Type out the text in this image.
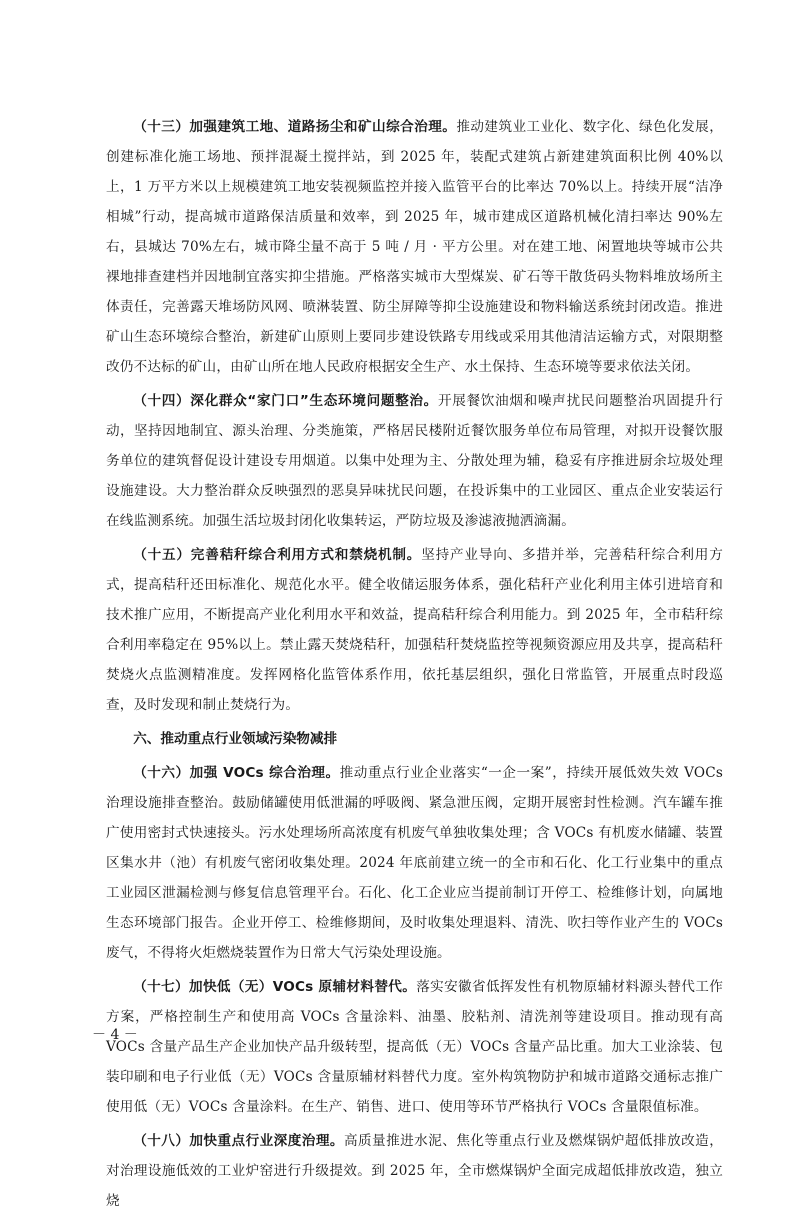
（十三）加强建筑工地、道路扬尘和矿山综合治理。推动建筑业工业化、数字化、绿色化发展，创建标准化施工场地、预拌混凝土搅拌站，到 2025 年，装配式建筑占新建建筑面积比例 40%以上，1 万平方米以上规模建筑工地安装视频监控并接入监管平台的比率达 70%以上。持续开展“洁净相城”行动，提高城市道路保洁质量和效率，到 2025 年，城市建成区道路机械化清扫率达 90%左右，县城达 70%左右，城市降尘量不高于 5 吨 / 月 · 平方公里。对在建工地、闲置地块等城市公共裸地排查建档并因地制宜落实抑尘措施。严格落实城市大型煤炭、矿石等干散货码头物料堆放场所主体责任，完善露天堆场防风网、喷淋装置、防尘屏障等抑尘设施建设和物料输送系统封闭改造。推进矿山生态环境综合整治，新建矿山原则上要同步建设铁路专用线或采用其他清洁运输方式，对限期整改仍不达标的矿山，由矿山所在地人民政府根据安全生产、水土保持、生态环境等要求依法关闭。

（十四）深化群众“家门口”生态环境问题整治。开展餐饮油烟和噪声扰民问题整治巩固提升行动，坚持因地制宜、源头治理、分类施策，严格居民楼附近餐饮服务单位布局管理，对拟开设餐饮服务单位的建筑督促设计建设专用烟道。以集中处理为主、分散处理为辅，稳妥有序推进厨余垃圾处理设施建设。大力整治群众反映强烈的恶臭异味扰民问题，在投诉集中的工业园区、重点企业安装运行在线监测系统。加强生活垃圾封闭化收集转运，严防垃圾及渗滤液抛洒滴漏。

（十五）完善秸秆综合利用方式和禁烧机制。坚持产业导向、多措并举，完善秸秆综合利用方式，提高秸秆还田标准化、规范化水平。健全收储运服务体系，强化秸秆产业化利用主体引进培育和技术推广应用，不断提高产业化利用水平和效益，提高秸秆综合利用能力。到 2025 年，全市秸秆综合利用率稳定在 95%以上。禁止露天焚烧秸秆，加强秸秆焚烧监控等视频资源应用及共享，提高秸秆焚烧火点监测精准度。发挥网格化监管体系作用，依托基层组织，强化日常监管，开展重点时段巡查，及时发现和制止焚烧行为。

六、推动重点行业领域污染物减排

（十六）加强 VOCs 综合治理。推动重点行业企业落实“一企一案”，持续开展低效失效 VOCs 治理设施排查整治。鼓励储罐使用低泄漏的呼吸阀、紧急泄压阀，定期开展密封性检测。汽车罐车推广使用密封式快速接头。污水处理场所高浓度有机废气单独收集处理；含 VOCs 有机废水储罐、装置区集水井（池）有机废气密闭收集处理。2024 年底前建立统一的全市和石化、化工行业集中的重点工业园区泄漏检测与修复信息管理平台。石化、化工企业应当提前制订开停工、检维修计划，向属地生态环境部门报告。企业开停工、检维修期间，及时收集处理退料、清洗、吹扫等作业产生的 VOCs 废气，不得将火炬燃烧装置作为日常大气污染处理设施。

（十七）加快低（无）VOCs 原辅材料替代。落实安徽省低挥发性有机物原辅材料源头替代工作方案，严格控制生产和使用高 VOCs 含量涂料、油墨、胶粘剂、清洗剂等建设项目。推动现有高 VOCs 含量产品生产企业加快产品升级转型，提高低（无）VOCs 含量产品比重。加大工业涂装、包装印刷和电子行业低（无）VOCs 含量原辅材料替代力度。室外构筑物防护和城市道路交通标志推广使用低（无）VOCs 含量涂料。在生产、销售、进口、使用等环节严格执行 VOCs 含量限值标准。

（十八）加快重点行业深度治理。高质量推进水泥、焦化等重点行业及燃煤锅炉超低排放改造，对治理设施低效的工业炉窑进行升级提效。到 2025 年，全市燃煤锅炉全面完成超低排放改造，独立烧

－ 4 －
